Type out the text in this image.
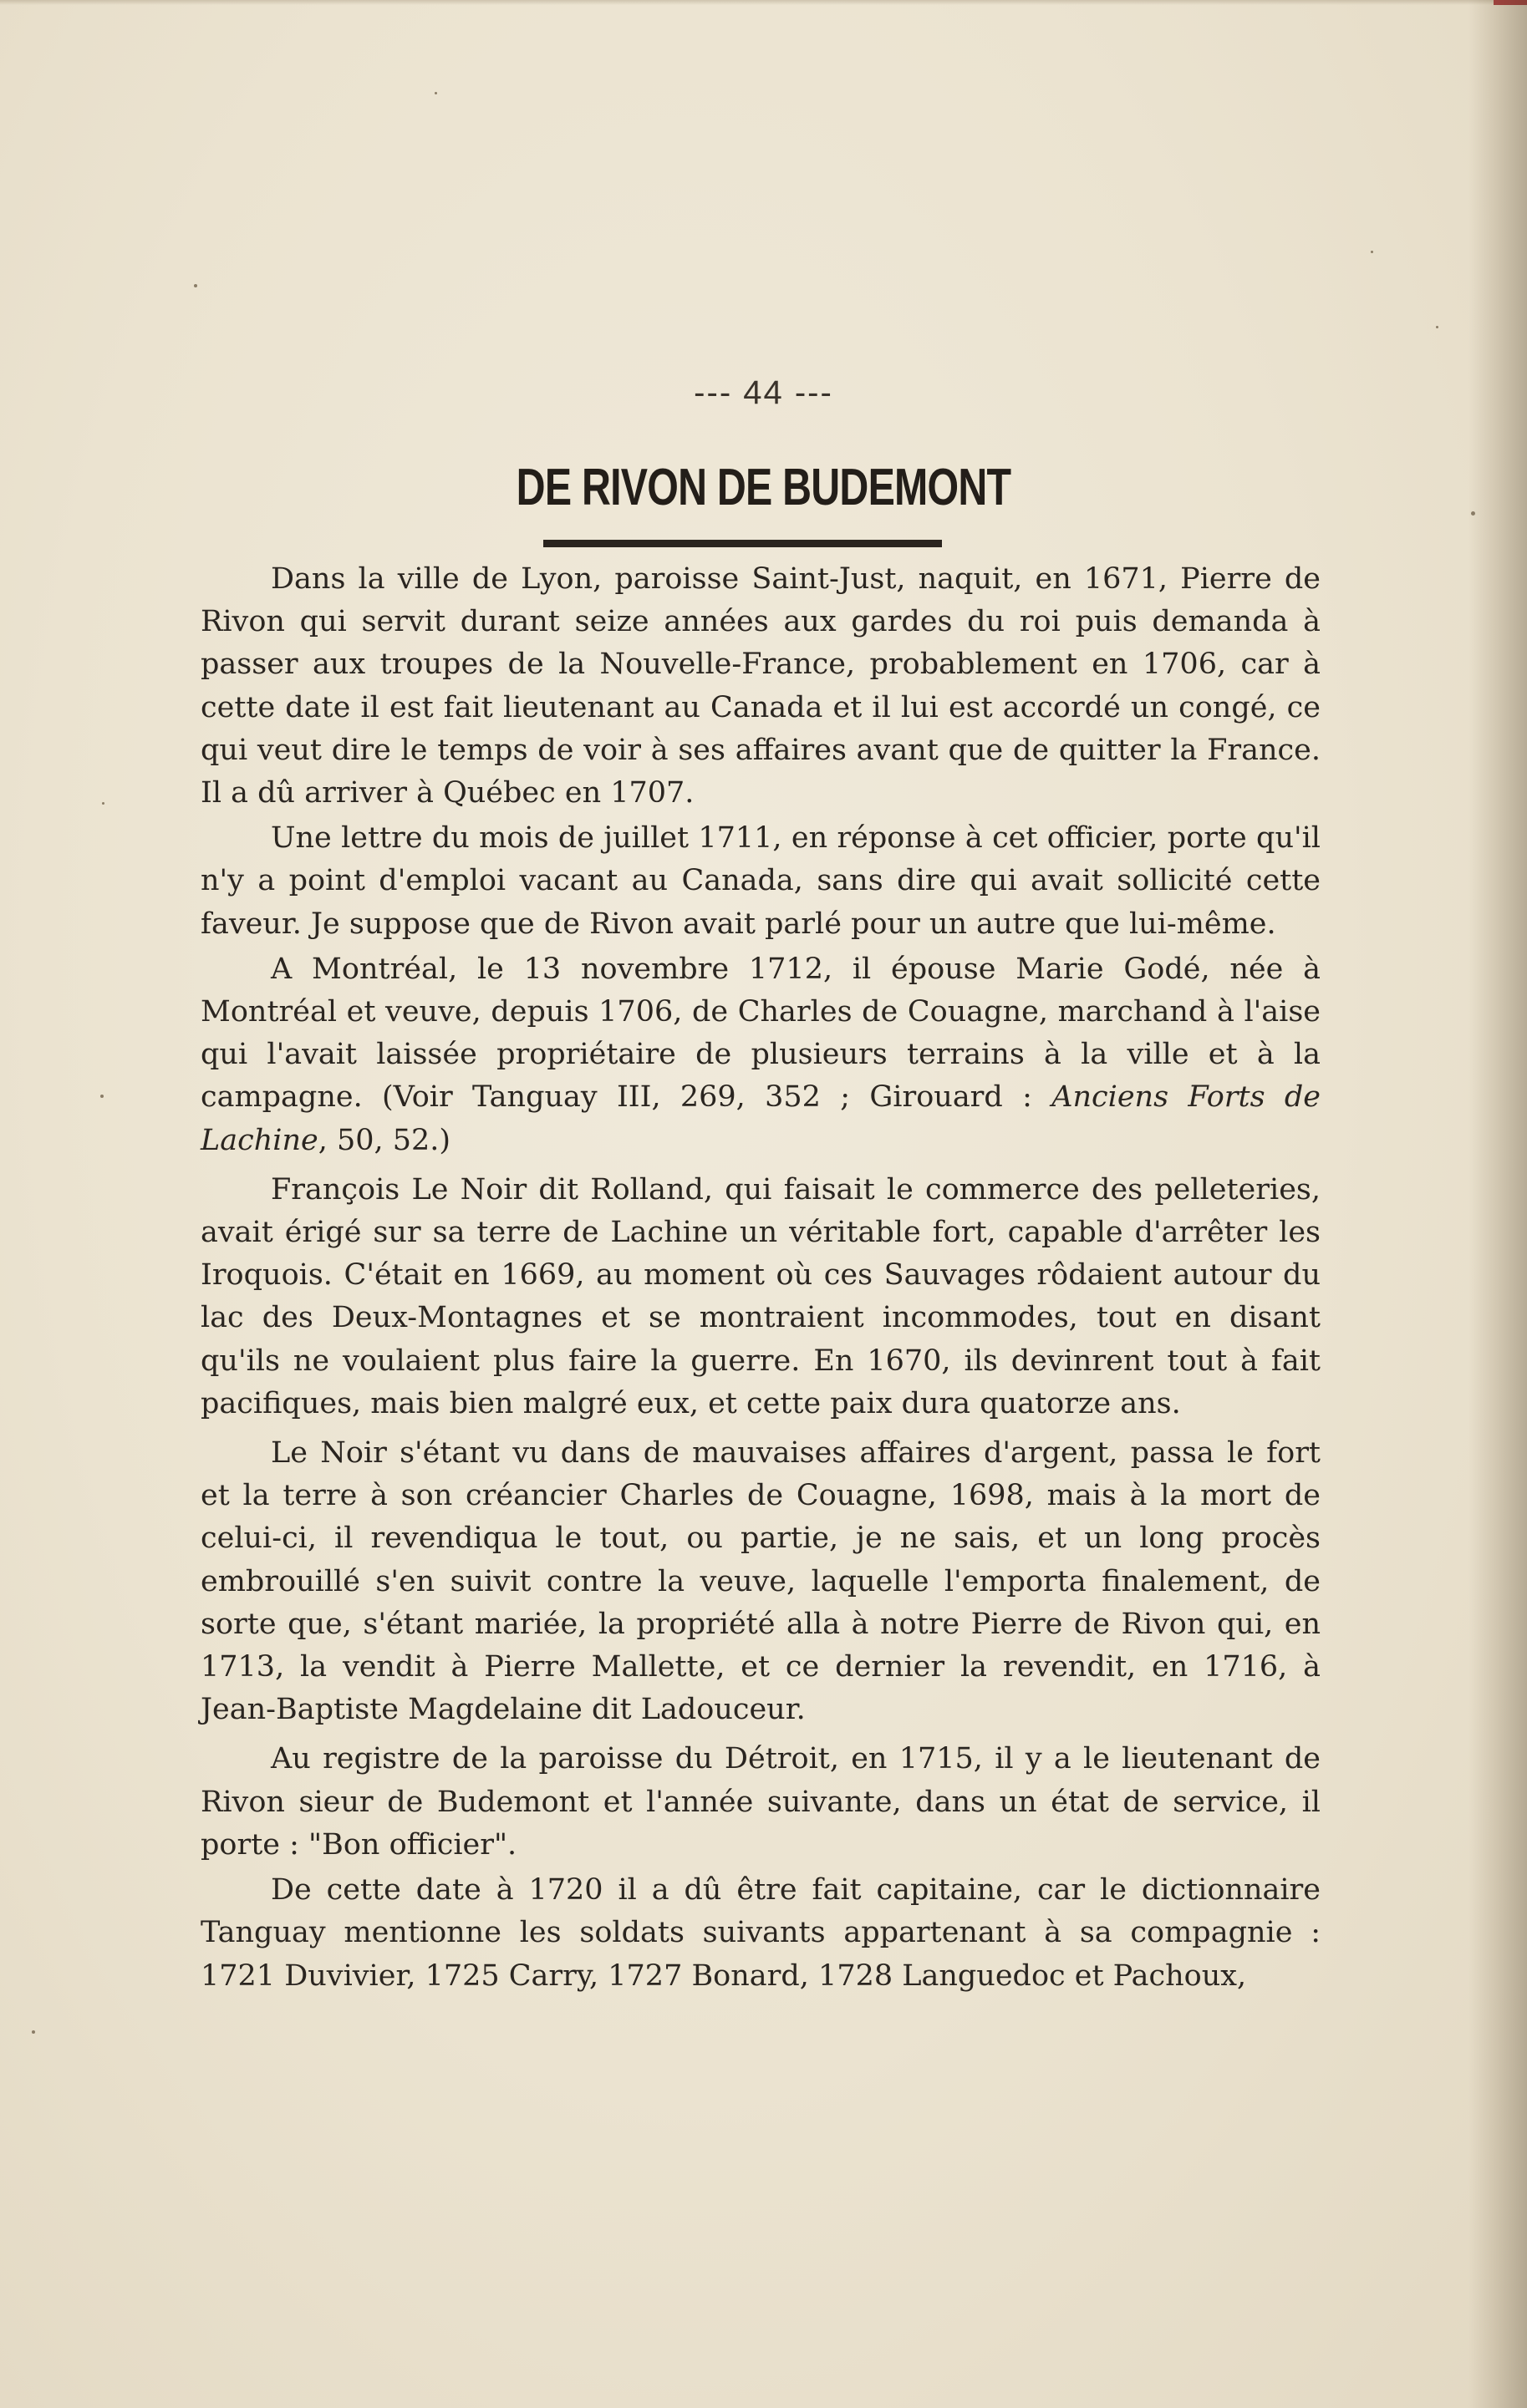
--- 44 ---
DE RIVON DE BUDEMONT

Dans la ville de Lyon, paroisse Saint-Just, naquit, en 1671, Pierre de Rivon qui servit durant seize années aux gardes du roi puis demanda à passer aux troupes de la Nouvelle-France, probablement en 1706, car à cette date il est fait lieutenant au Canada et il lui est accordé un congé, ce qui veut dire le temps de voir à ses affaires avant que de quitter la France. Il a dû arriver à Québec en 1707.

Une lettre du mois de juillet 1711, en réponse à cet officier, porte qu'il n'y a point d'emploi vacant au Canada, sans dire qui avait sollicité cette faveur. Je suppose que de Rivon avait parlé pour un autre que lui-même.

A Montréal, le 13 novembre 1712, il épouse Marie Godé, née à Montréal et veuve, depuis 1706, de Charles de Couagne, marchand à l'aise qui l'avait laissée propriétaire de plusieurs terrains à la ville et à la campagne. (Voir Tanguay III, 269, 352 ; Girouard : Anciens Forts de Lachine, 50, 52.)

François Le Noir dit Rolland, qui faisait le commerce des pelleteries, avait érigé sur sa terre de Lachine un véritable fort, capable d'arrêter les Iroquois. C'était en 1669, au moment où ces Sauvages rôdaient autour du lac des Deux-Montagnes et se montraient incommodes, tout en disant qu'ils ne voulaient plus faire la guerre. En 1670, ils devinrent tout à fait pacifiques, mais bien malgré eux, et cette paix dura quatorze ans.

Le Noir s'étant vu dans de mauvaises affaires d'argent, passa le fort et la terre à son créancier Charles de Couagne, 1698, mais à la mort de celui-ci, il revendiqua le tout, ou partie, je ne sais, et un long procès embrouillé s'en suivit contre la veuve, laquelle l'emporta finalement, de sorte que, s'étant mariée, la propriété alla à notre Pierre de Rivon qui, en 1713, la vendit à Pierre Mallette, et ce dernier la revendit, en 1716, à Jean-Baptiste Magdelaine dit Ladouceur.

Au registre de la paroisse du Détroit, en 1715, il y a le lieutenant de Rivon sieur de Budemont et l'année suivante, dans un état de service, il porte : "Bon officier".

De cette date à 1720 il a dû être fait capitaine, car le dictionnaire Tanguay mentionne les soldats suivants appartenant à sa compagnie : 1721 Duvivier, 1725 Carry, 1727 Bonard, 1728 Languedoc et Pachoux,
